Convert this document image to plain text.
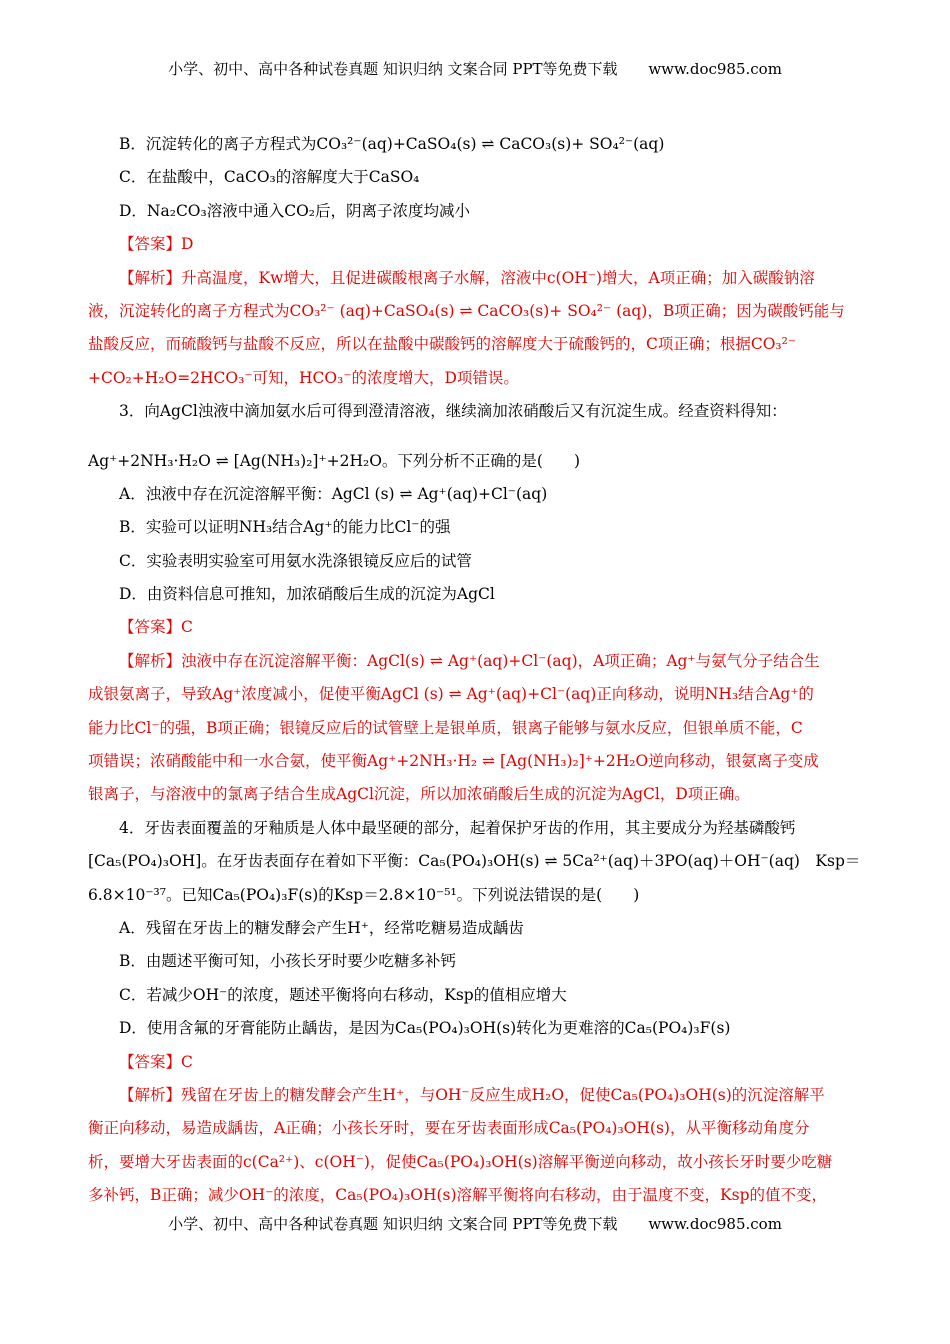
小学、初中、高中各种试卷真题 知识归纳 文案合同 PPT等免费下载 www.doc985.com
B．沉淀转化的离子方程式为CO₃²⁻(aq)+CaSO₄(s) ⇌ CaCO₃(s)+ SO₄²⁻(aq)
C．在盐酸中，CaCO₃的溶解度大于CaSO₄
D．Na₂CO₃溶液中通入CO₂后，阴离子浓度均减小
【答案】D
【解析】升高温度，Kw增大，且促进碳酸根离子水解，溶液中c(OH⁻)增大，A项正确；加入碳酸钠溶
液，沉淀转化的离子方程式为CO₃²⁻ (aq)+CaSO₄(s) ⇌ CaCO₃(s)+ SO₄²⁻ (aq)，B项正确；因为碳酸钙能与
盐酸反应，而硫酸钙与盐酸不反应，所以在盐酸中碳酸钙的溶解度大于硫酸钙的，C项正确；根据CO₃²⁻
+CO₂+H₂O=2HCO₃⁻可知，HCO₃⁻的浓度增大，D项错误。
3．向AgCl浊液中滴加氨水后可得到澄清溶液，继续滴加浓硝酸后又有沉淀生成。经查资料得知：
Ag⁺+2NH₃·H₂O ⇌ [Ag(NH₃)₂]⁺+2H₂O。下列分析不正确的是(　　)
A．浊液中存在沉淀溶解平衡：AgCl (s) ⇌ Ag⁺(aq)+Cl⁻(aq)
B．实验可以证明NH₃结合Ag⁺的能力比Cl⁻的强
C．实验表明实验室可用氨水洗涤银镜反应后的试管
D．由资料信息可推知，加浓硝酸后生成的沉淀为AgCl
【答案】C
【解析】浊液中存在沉淀溶解平衡：AgCl(s) ⇌ Ag⁺(aq)+Cl⁻(aq)，A项正确；Ag⁺与氨气分子结合生
成银氨离子，导致Ag⁺浓度减小，促使平衡AgCl (s) ⇌ Ag⁺(aq)+Cl⁻(aq)正向移动，说明NH₃结合Ag⁺的
能力比Cl⁻的强，B项正确；银镜反应后的试管壁上是银单质，银离子能够与氨水反应，但银单质不能，C
项错误；浓硝酸能中和一水合氨，使平衡Ag⁺+2NH₃·H₂ ⇌ [Ag(NH₃)₂]⁺+2H₂O逆向移动，银氨离子变成
银离子，与溶液中的氯离子结合生成AgCl沉淀，所以加浓硝酸后生成的沉淀为AgCl，D项正确。
4．牙齿表面覆盖的牙釉质是人体中最坚硬的部分，起着保护牙齿的作用，其主要成分为羟基磷酸钙
[Ca₅(PO₄)₃OH]。在牙齿表面存在着如下平衡：Ca₅(PO₄)₃OH(s) ⇌ 5Ca²⁺(aq)＋3PO(aq)＋OH⁻(aq)　Ksp＝
6.8×10⁻³⁷。已知Ca₅(PO₄)₃F(s)的Ksp＝2.8×10⁻⁵¹。下列说法错误的是(　　)
A．残留在牙齿上的糖发酵会产生H⁺，经常吃糖易造成龋齿
B．由题述平衡可知，小孩长牙时要少吃糖多补钙
C．若减少OH⁻的浓度，题述平衡将向右移动，Ksp的值相应增大
D．使用含氟的牙膏能防止龋齿，是因为Ca₅(PO₄)₃OH(s)转化为更难溶的Ca₅(PO₄)₃F(s)
【答案】C
【解析】残留在牙齿上的糖发酵会产生H⁺，与OH⁻反应生成H₂O，促使Ca₅(PO₄)₃OH(s)的沉淀溶解平
衡正向移动，易造成龋齿，A正确；小孩长牙时，要在牙齿表面形成Ca₅(PO₄)₃OH(s)，从平衡移动角度分
析，要增大牙齿表面的c(Ca²⁺)、c(OH⁻)，促使Ca₅(PO₄)₃OH(s)溶解平衡逆向移动，故小孩长牙时要少吃糖
多补钙，B正确；减少OH⁻的浓度，Ca₅(PO₄)₃OH(s)溶解平衡将向右移动，由于温度不变，Ksp的值不变，
小学、初中、高中各种试卷真题 知识归纳 文案合同 PPT等免费下载 www.doc985.com
